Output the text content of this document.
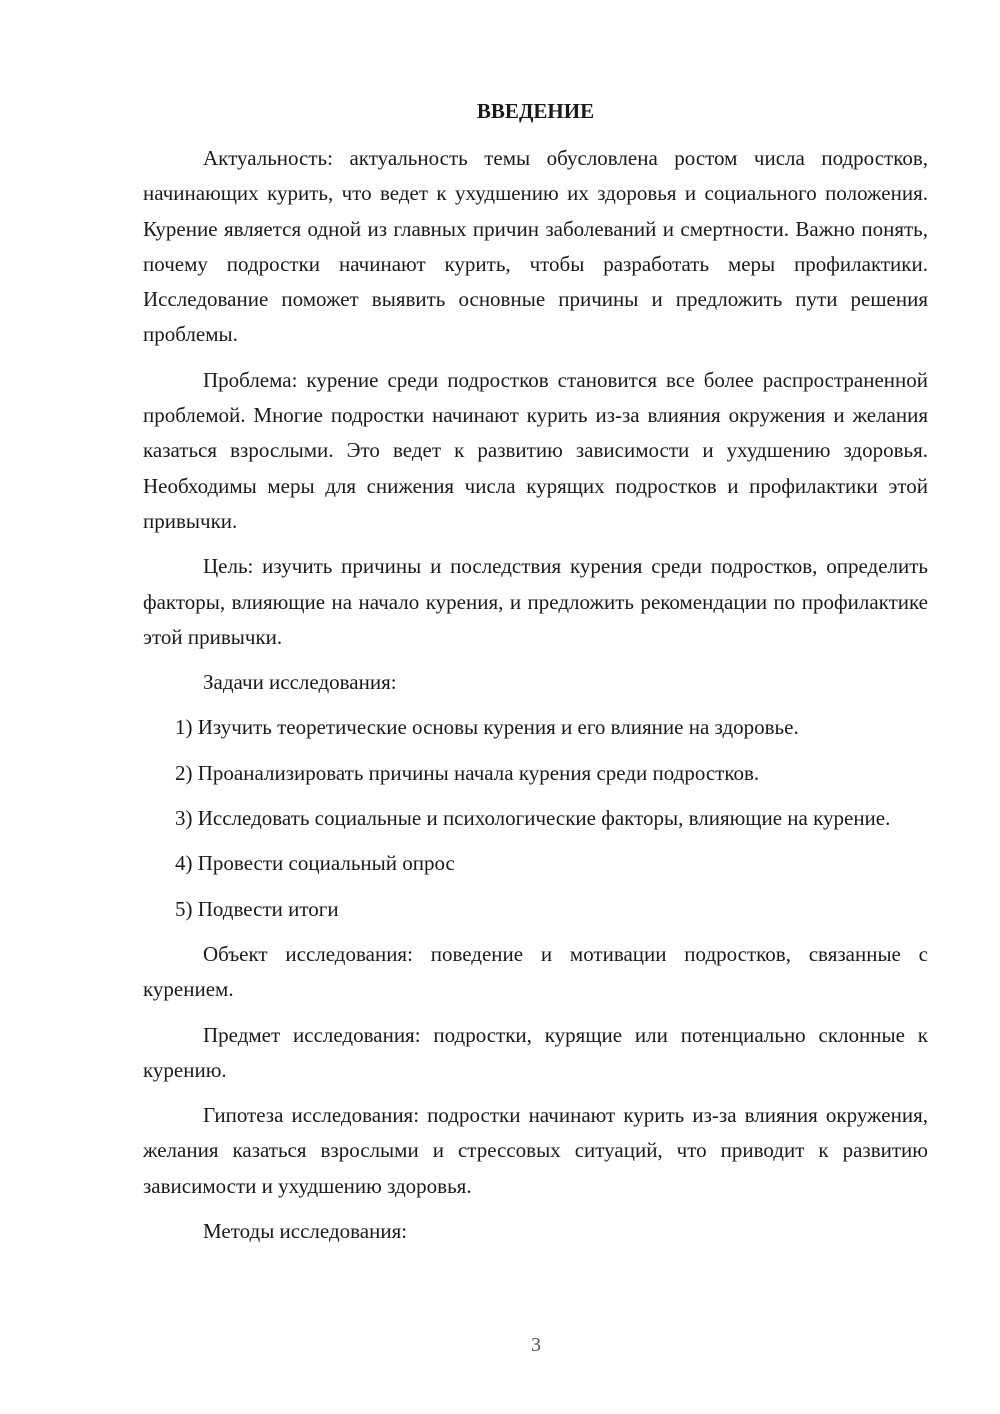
ВВЕДЕНИЕ

Актуальность: актуальность темы обусловлена ростом числа подростков, начинающих курить, что ведет к ухудшению их здоровья и социального положения. Курение является одной из главных причин заболеваний и смертности. Важно понять, почему подростки начинают курить, чтобы разработать меры профилактики. Исследование поможет выявить основные причины и предложить пути решения проблемы.

Проблема: курение среди подростков становится все более распространенной проблемой. Многие подростки начинают курить из-за влияния окружения и желания казаться взрослыми. Это ведет к развитию зависимости и ухудшению здоровья. Необходимы меры для снижения числа курящих подростков и профилактики этой привычки.

Цель: изучить причины и последствия курения среди подростков, определить факторы, влияющие на начало курения, и предложить рекомендации по профилактике этой привычки.

Задачи исследования:

1) Изучить теоретические основы курения и его влияние на здоровье.

2) Проанализировать причины начала курения среди подростков.

3) Исследовать социальные и психологические факторы, влияющие на курение.

4) Провести социальный опрос

5) Подвести итоги

Объект исследования: поведение и мотивации подростков, связанные с курением.

Предмет исследования: подростки, курящие или потенциально склонные к курению.

Гипотеза исследования: подростки начинают курить из-за влияния окружения, желания казаться взрослыми и стрессовых ситуаций, что приводит к развитию зависимости и ухудшению здоровья.

Методы исследования:

3
